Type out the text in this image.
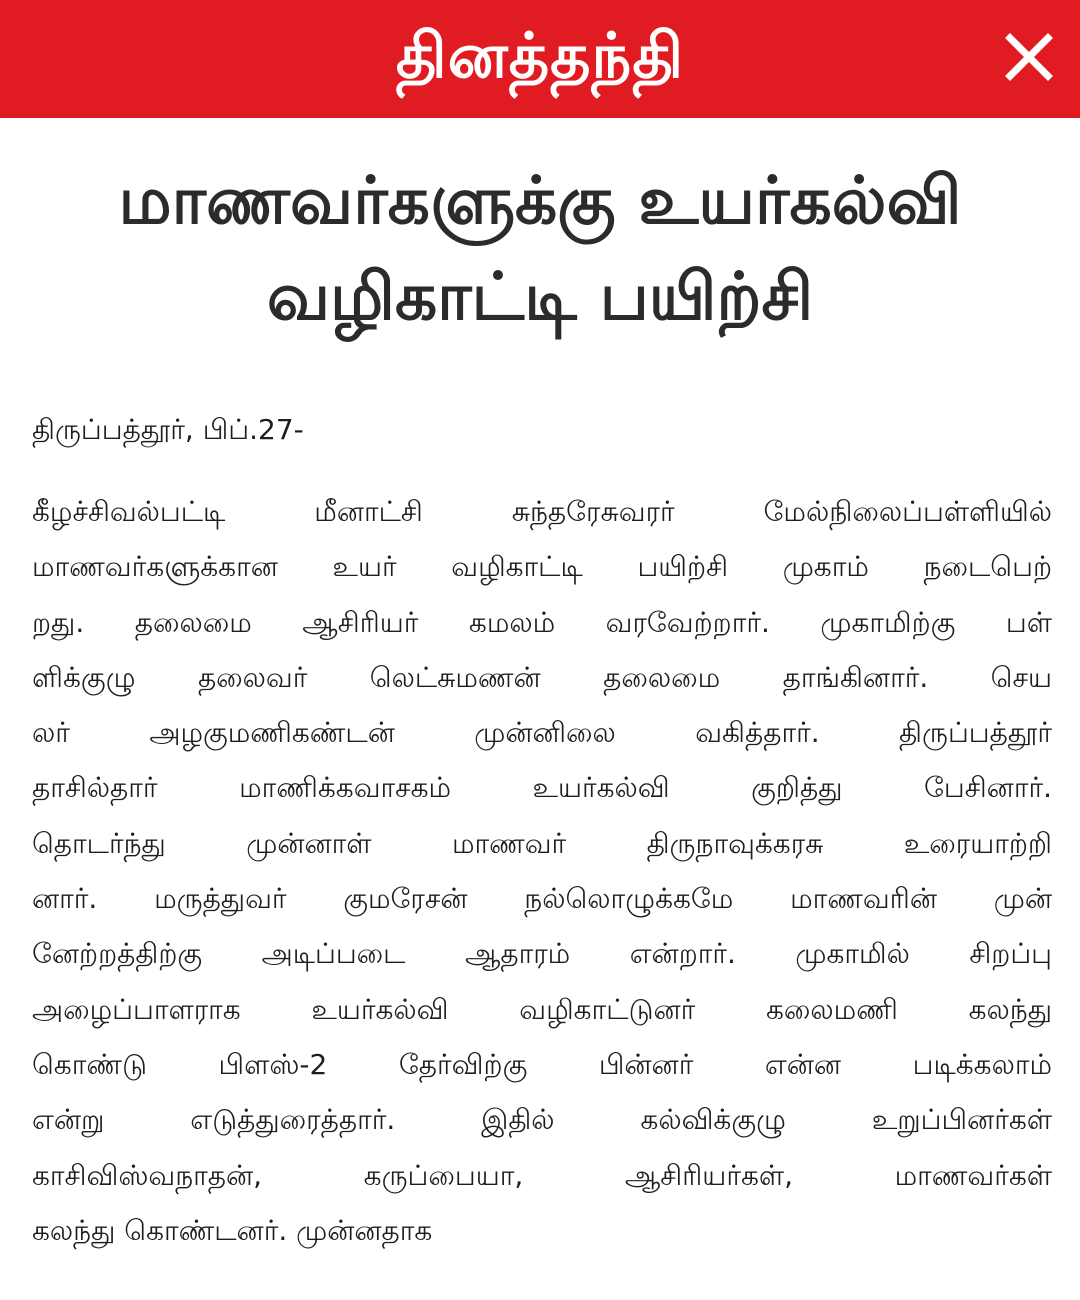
தினத்தந்தி
மாணவர்களுக்கு உயர்கல்வி
வழிகாட்டி பயிற்சி

திருப்பத்தூர், பிப்.27-

கீழச்சிவல்பட்டி மீனாட்சி சுந்தரேசுவரர் மேல்நிலைப்பள்ளியில்
மாணவர்களுக்கான உயர் வழிகாட்டி பயிற்சி முகாம் நடைபெற்
றது. தலைமை ஆசிரியர் கமலம் வரவேற்றார். முகாமிற்கு பள்
ளிக்குழு தலைவர் லெட்சுமணன் தலைமை தாங்கினார். செய
லர் அழகுமணிகண்டன் முன்னிலை வகித்தார். திருப்பத்தூர்
தாசில்தார் மாணிக்கவாசகம் உயர்கல்வி குறித்து பேசினார்.
தொடர்ந்து முன்னாள் மாணவர் திருநாவுக்கரசு உரையாற்றி
னார். மருத்துவர் குமரேசன் நல்லொழுக்கமே மாணவரின் முன்
னேற்றத்திற்கு அடிப்படை ஆதாரம் என்றார். முகாமில் சிறப்பு
அழைப்பாளராக உயர்கல்வி வழிகாட்டுனர் கலைமணி கலந்து
கொண்டு பிளஸ்-2 தேர்விற்கு பின்னர் என்ன படிக்கலாம்
என்று எடுத்துரைத்தார். இதில் கல்விக்குழு உறுப்பினர்கள்
காசிவிஸ்வநாதன், கருப்பையா, ஆசிரியர்கள், மாணவர்கள்
கலந்து கொண்டனர். முன்னதாக
